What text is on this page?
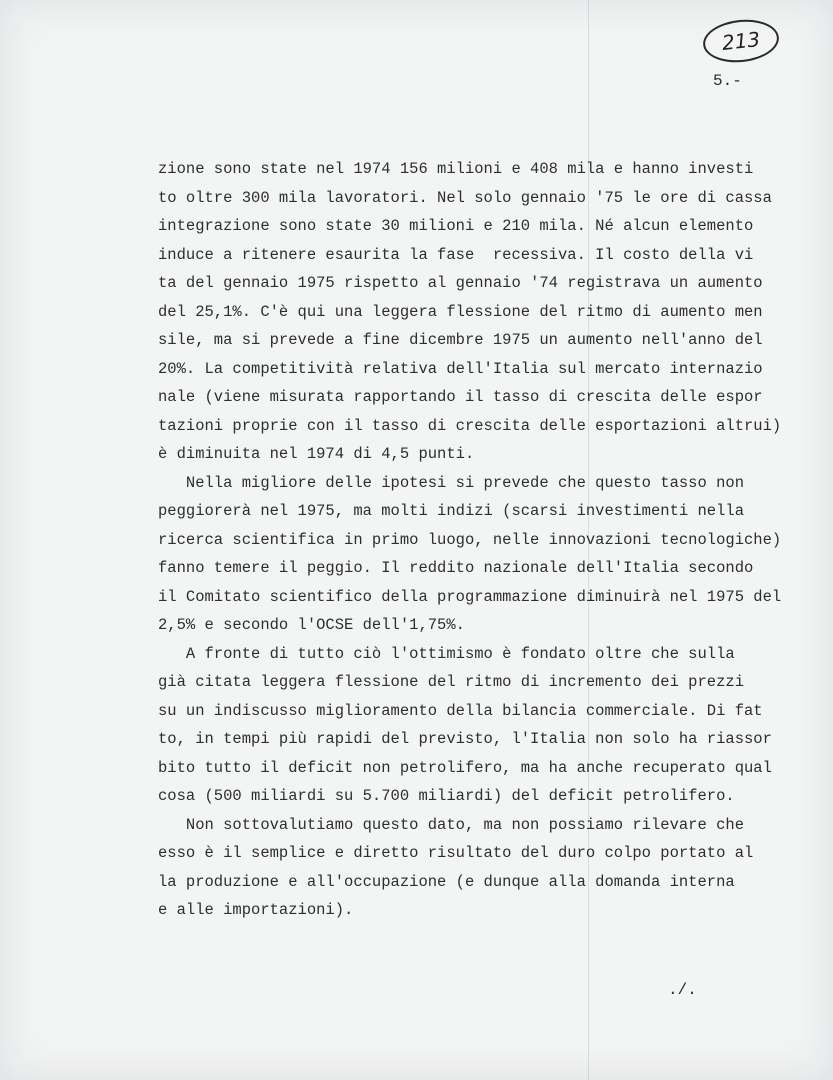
213
5.-
zione sono state nel 1974 156 milioni e 408 mila e hanno investi
to oltre 300 mila lavoratori. Nel solo gennaio '75 le ore di cassa
integrazione sono state 30 milioni e 210 mila. Né alcun elemento
induce a ritenere esaurita la fase  recessiva. Il costo della vi
ta del gennaio 1975 rispetto al gennaio '74 registrava un aumento
del 25,1%. C'è qui una leggera flessione del ritmo di aumento men
sile, ma si prevede a fine dicembre 1975 un aumento nell'anno del
20%. La competitività relativa dell'Italia sul mercato internazio
nale (viene misurata rapportando il tasso di crescita delle espor
tazioni proprie con il tasso di crescita delle esportazioni altrui)
è diminuita nel 1974 di 4,5 punti.
Nella migliore delle ipotesi si prevede che questo tasso non
peggiorerà nel 1975, ma molti indizi (scarsi investimenti nella
ricerca scientifica in primo luogo, nelle innovazioni tecnologiche)
fanno temere il peggio. Il reddito nazionale dell'Italia secondo
il Comitato scientifico della programmazione diminuirà nel 1975 del
2,5% e secondo l'OCSE dell'1,75%.
A fronte di tutto ciò l'ottimismo è fondato oltre che sulla
già citata leggera flessione del ritmo di incremento dei prezzi
su un indiscusso miglioramento della bilancia commerciale. Di fat
to, in tempi più rapidi del previsto, l'Italia non solo ha riassor
bito tutto il deficit non petrolifero, ma ha anche recuperato qual
cosa (500 miliardi su 5.700 miliardi) del deficit petrolifero.
Non sottovalutiamo questo dato, ma non possiamo rilevare che
esso è il semplice e diretto risultato del duro colpo portato al
la produzione e all'occupazione (e dunque alla domanda interna
e alle importazioni).
./.
